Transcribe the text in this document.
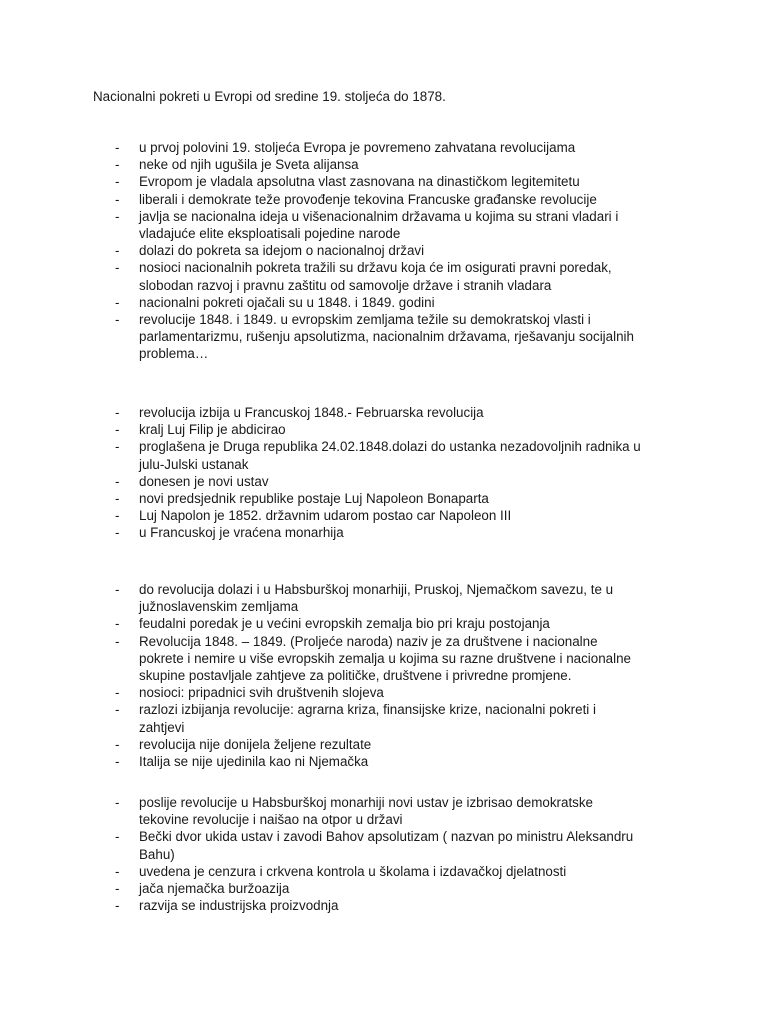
Nacionalni pokreti u Evropi od sredine 19. stoljeća do 1878.
- u prvoj polovini 19. stoljeća Evropa je povremeno zahvatana revolucijama
- neke od njih ugušila je Sveta alijansa
- Evropom je vladala apsolutna vlast zasnovana na dinastičkom legitemitetu
- liberali i demokrate teže provođenje tekovina Francuske građanske revolucije
- javlja se nacionalna ideja u višenacionalnim državama u kojima su strani vladari i
vladajuće elite eksploatisali pojedine narode
- dolazi do pokreta sa idejom o nacionalnoj državi
- nosioci nacionalnih pokreta tražili su državu koja će im osigurati pravni poredak,
slobodan razvoj i pravnu zaštitu od samovolje države i stranih vladara
- nacionalni pokreti ojačali su u 1848. i 1849. godini
- revolucije 1848. i 1849. u evropskim zemljama težile su demokratskoj vlasti i
parlamentarizmu, rušenju apsolutizma, nacionalnim državama, rješavanju socijalnih
problema…
- revolucija izbija u Francuskoj 1848.- Februarska revolucija
- kralj Luj Filip je abdicirao
- proglašena je Druga republika 24.02.1848.dolazi do ustanka nezadovoljnih radnika u
julu-Julski ustanak
- donesen je novi ustav
- novi predsjednik republike postaje Luj Napoleon Bonaparta
- Luj Napolon je 1852. državnim udarom postao car Napoleon III
- u Francuskoj je vraćena monarhija
- do revolucija dolazi i u Habsburškoj monarhiji, Pruskoj, Njemačkom savezu, te u
južnoslavenskim zemljama
- feudalni poredak je u većini evropskih zemalja bio pri kraju postojanja
- Revolucija 1848. – 1849. (Proljeće naroda) naziv je za društvene i nacionalne
pokrete i nemire u više evropskih zemalja u kojima su razne društvene i nacionalne
skupine postavljale zahtjeve za političke, društvene i privredne promjene.
- nosioci: pripadnici svih društvenih slojeva
- razlozi izbijanja revolucije: agrarna kriza, finansijske krize, nacionalni pokreti i
zahtjevi
- revolucija nije donijela željene rezultate
- Italija se nije ujedinila kao ni Njemačka
- poslije revolucije u Habsburškoj monarhiji novi ustav je izbrisao demokratske
tekovine revolucije i naišao na otpor u državi
- Bečki dvor ukida ustav i zavodi Bahov apsolutizam ( nazvan po ministru Aleksandru
Bahu)
- uvedena je cenzura i crkvena kontrola u školama i izdavačkoj djelatnosti
- jača njemačka buržoazija
- razvija se industrijska proizvodnja
